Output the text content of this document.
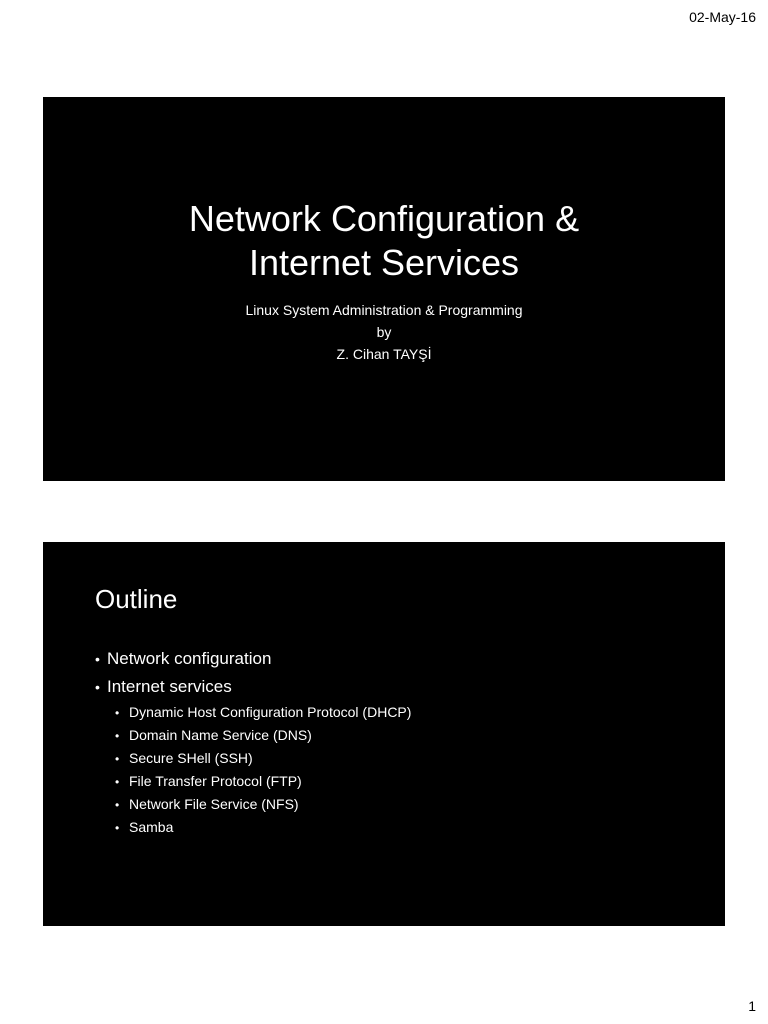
02-May-16
Network Configuration &
Internet Services
Linux System Administration & Programming
by
Z. Cihan TAYŞİ
Outline
• Network configuration
• Internet services
• Dynamic Host Configuration Protocol (DHCP)
• Domain Name Service (DNS)
• Secure SHell (SSH)
• File Transfer Protocol (FTP)
• Network File Service (NFS)
• Samba
1
